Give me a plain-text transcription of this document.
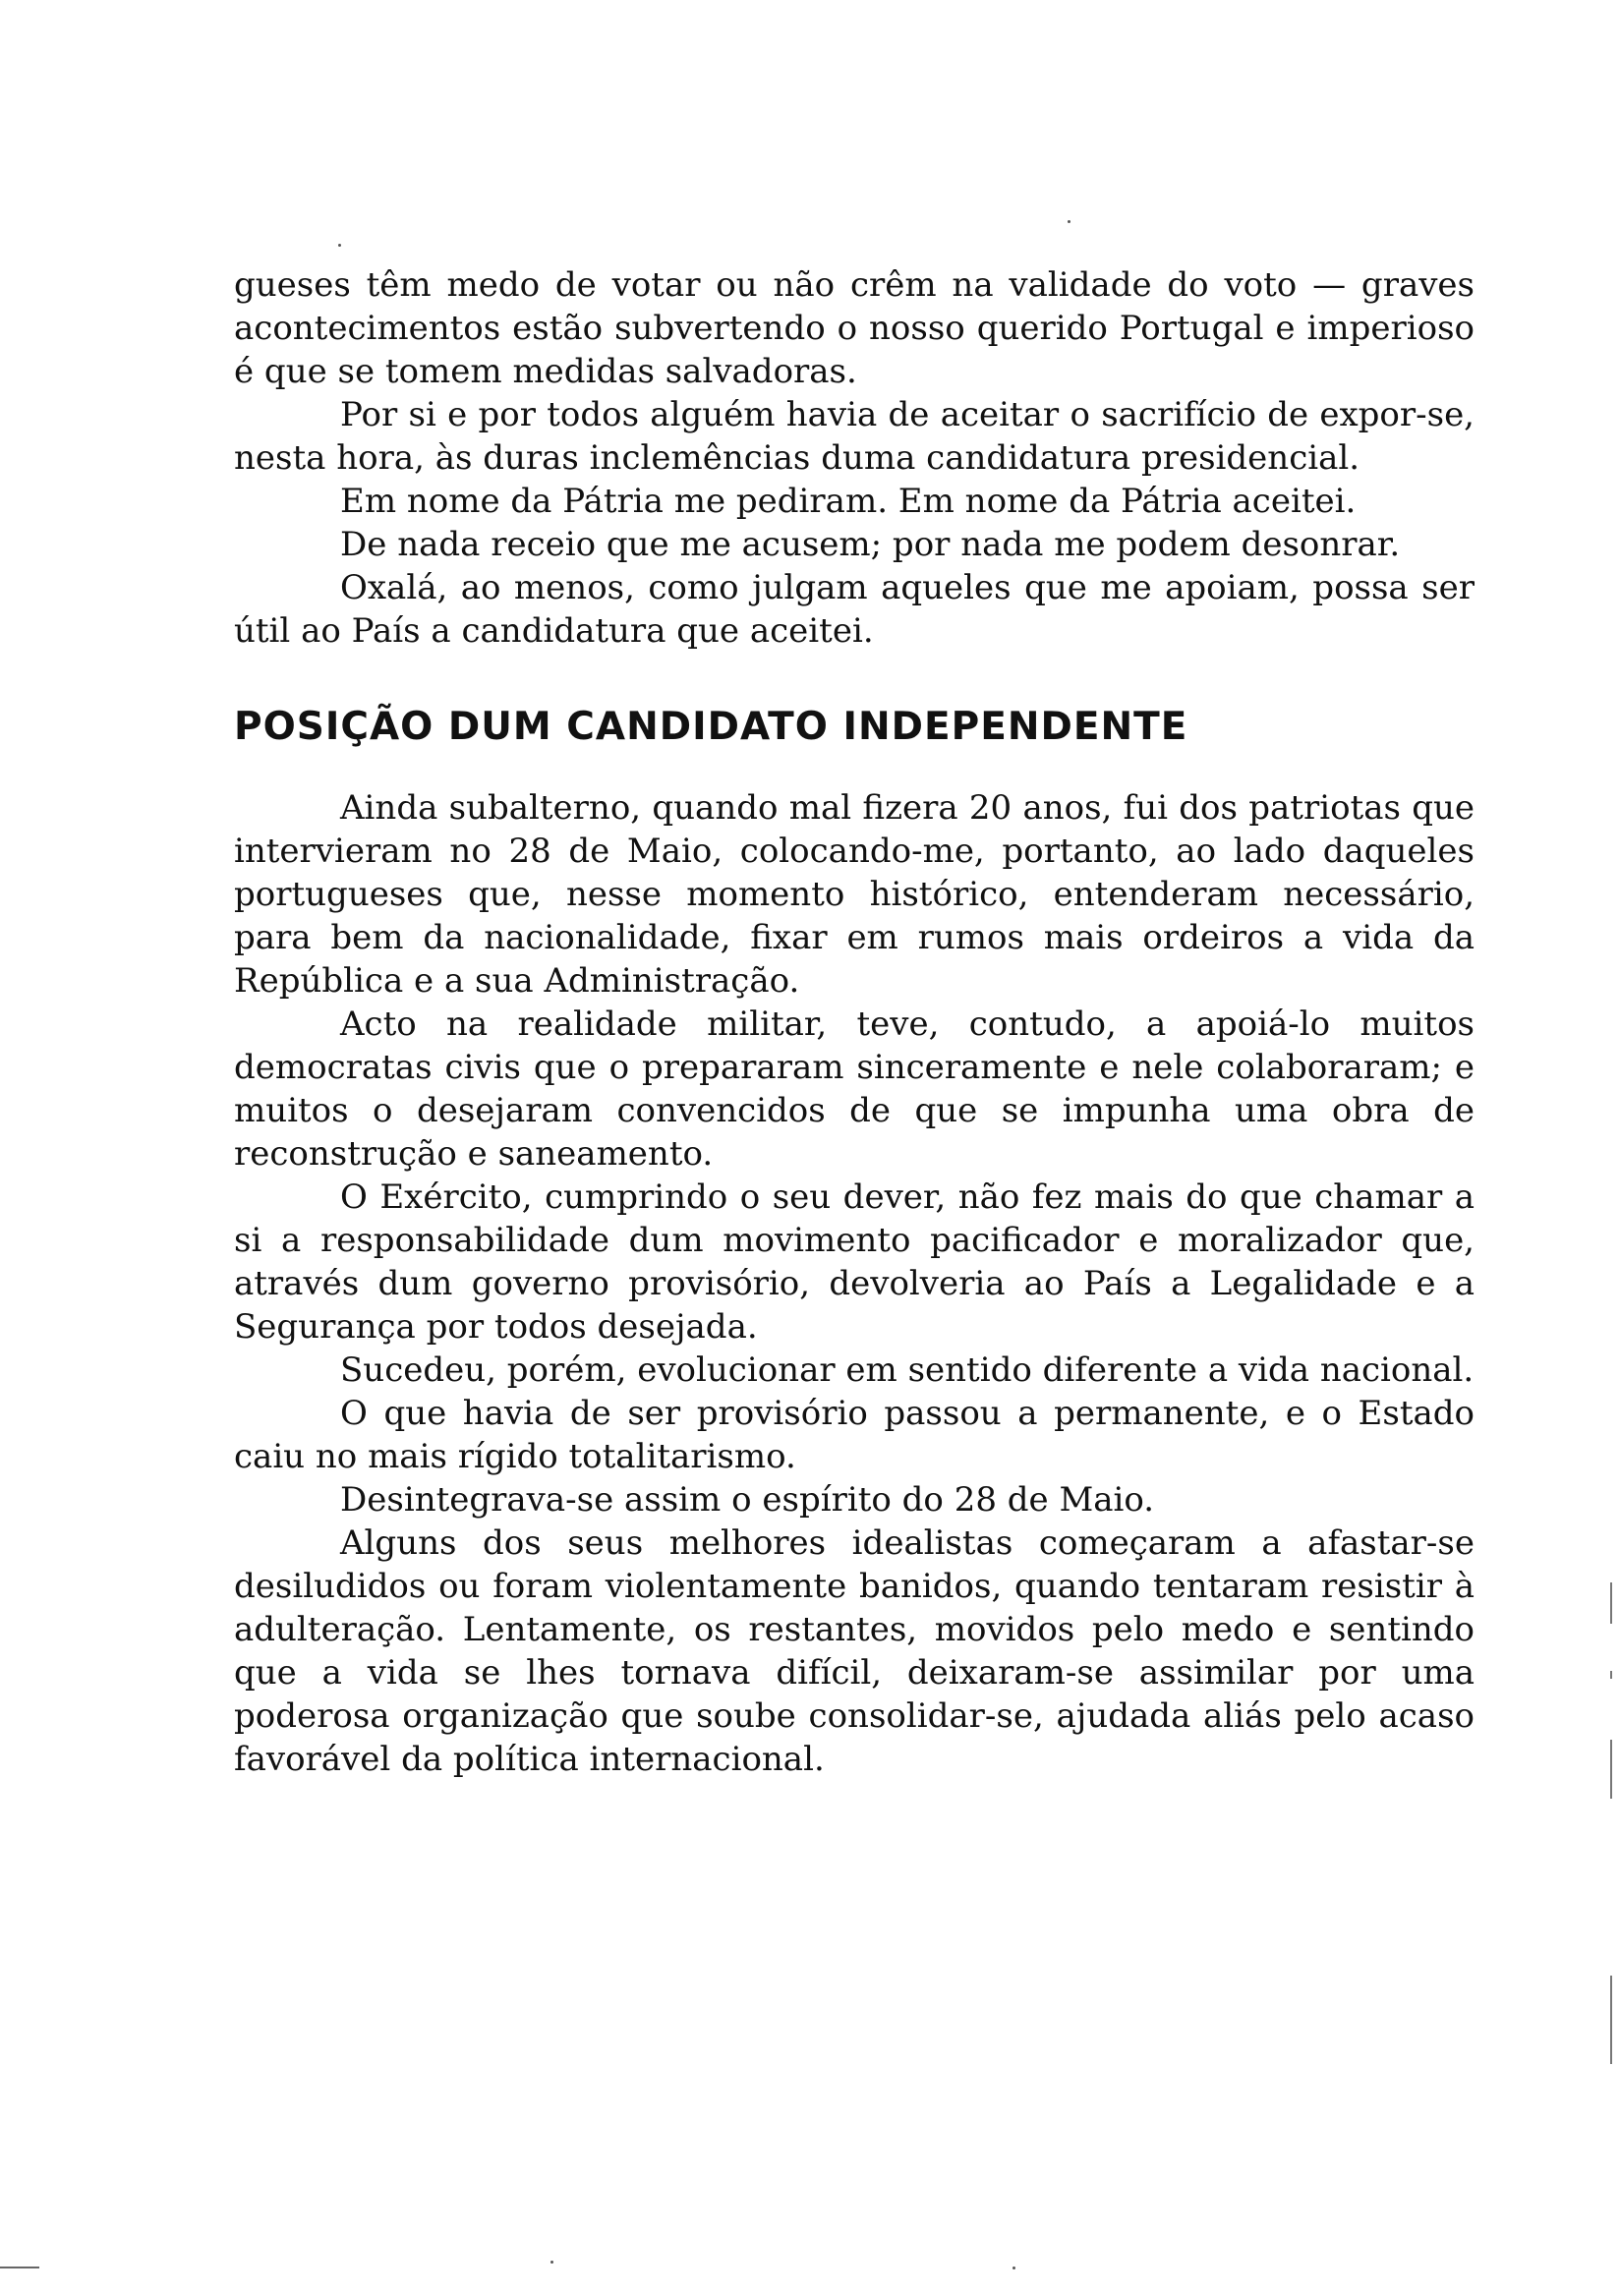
gueses têm medo de votar ou não crêm na validade do voto — graves acontecimentos estão subvertendo o nosso querido Portugal e imperioso é que se tomem medidas salvadoras.

Por si e por todos alguém havia de aceitar o sacrifício de expor-se, nesta hora, às duras inclemências duma candidatura presidencial.

Em nome da Pátria me pediram. Em nome da Pátria aceitei.

De nada receio que me acusem; por nada me podem desonrar.

Oxalá, ao menos, como julgam aqueles que me apoiam, possa ser útil ao País a candidatura que aceitei.

POSIÇÃO DUM CANDIDATO INDEPENDENTE

Ainda subalterno, quando mal fizera 20 anos, fui dos patriotas que intervieram no 28 de Maio, colocando-me, portanto, ao lado daqueles portugueses que, nesse momento histórico, entenderam necessário, para bem da nacionalidade, fixar em rumos mais ordeiros a vida da República e a sua Administração.

Acto na realidade militar, teve, contudo, a apoiá-lo muitos democratas civis que o prepararam sinceramente e nele colaboraram; e muitos o desejaram convencidos de que se impunha uma obra de reconstrução e saneamento.

O Exército, cumprindo o seu dever, não fez mais do que chamar a si a responsabilidade dum movimento pacificador e moralizador que, através dum governo provisório, devolveria ao País a Legalidade e a Segurança por todos desejada.

Sucedeu, porém, evolucionar em sentido diferente a vida nacional.

O que havia de ser provisório passou a permanente, e o Estado caiu no mais rígido totalitarismo.

Desintegrava-se assim o espírito do 28 de Maio.

Alguns dos seus melhores idealistas começaram a afastar-se desiludidos ou foram violentamente banidos, quando tentaram resistir à adulteração. Lentamente, os restantes, movidos pelo medo e sentindo que a vida se lhes tornava difícil, deixaram-se assimilar por uma poderosa organização que soube consolidar-se, ajudada aliás pelo acaso favorável da política internacional.
